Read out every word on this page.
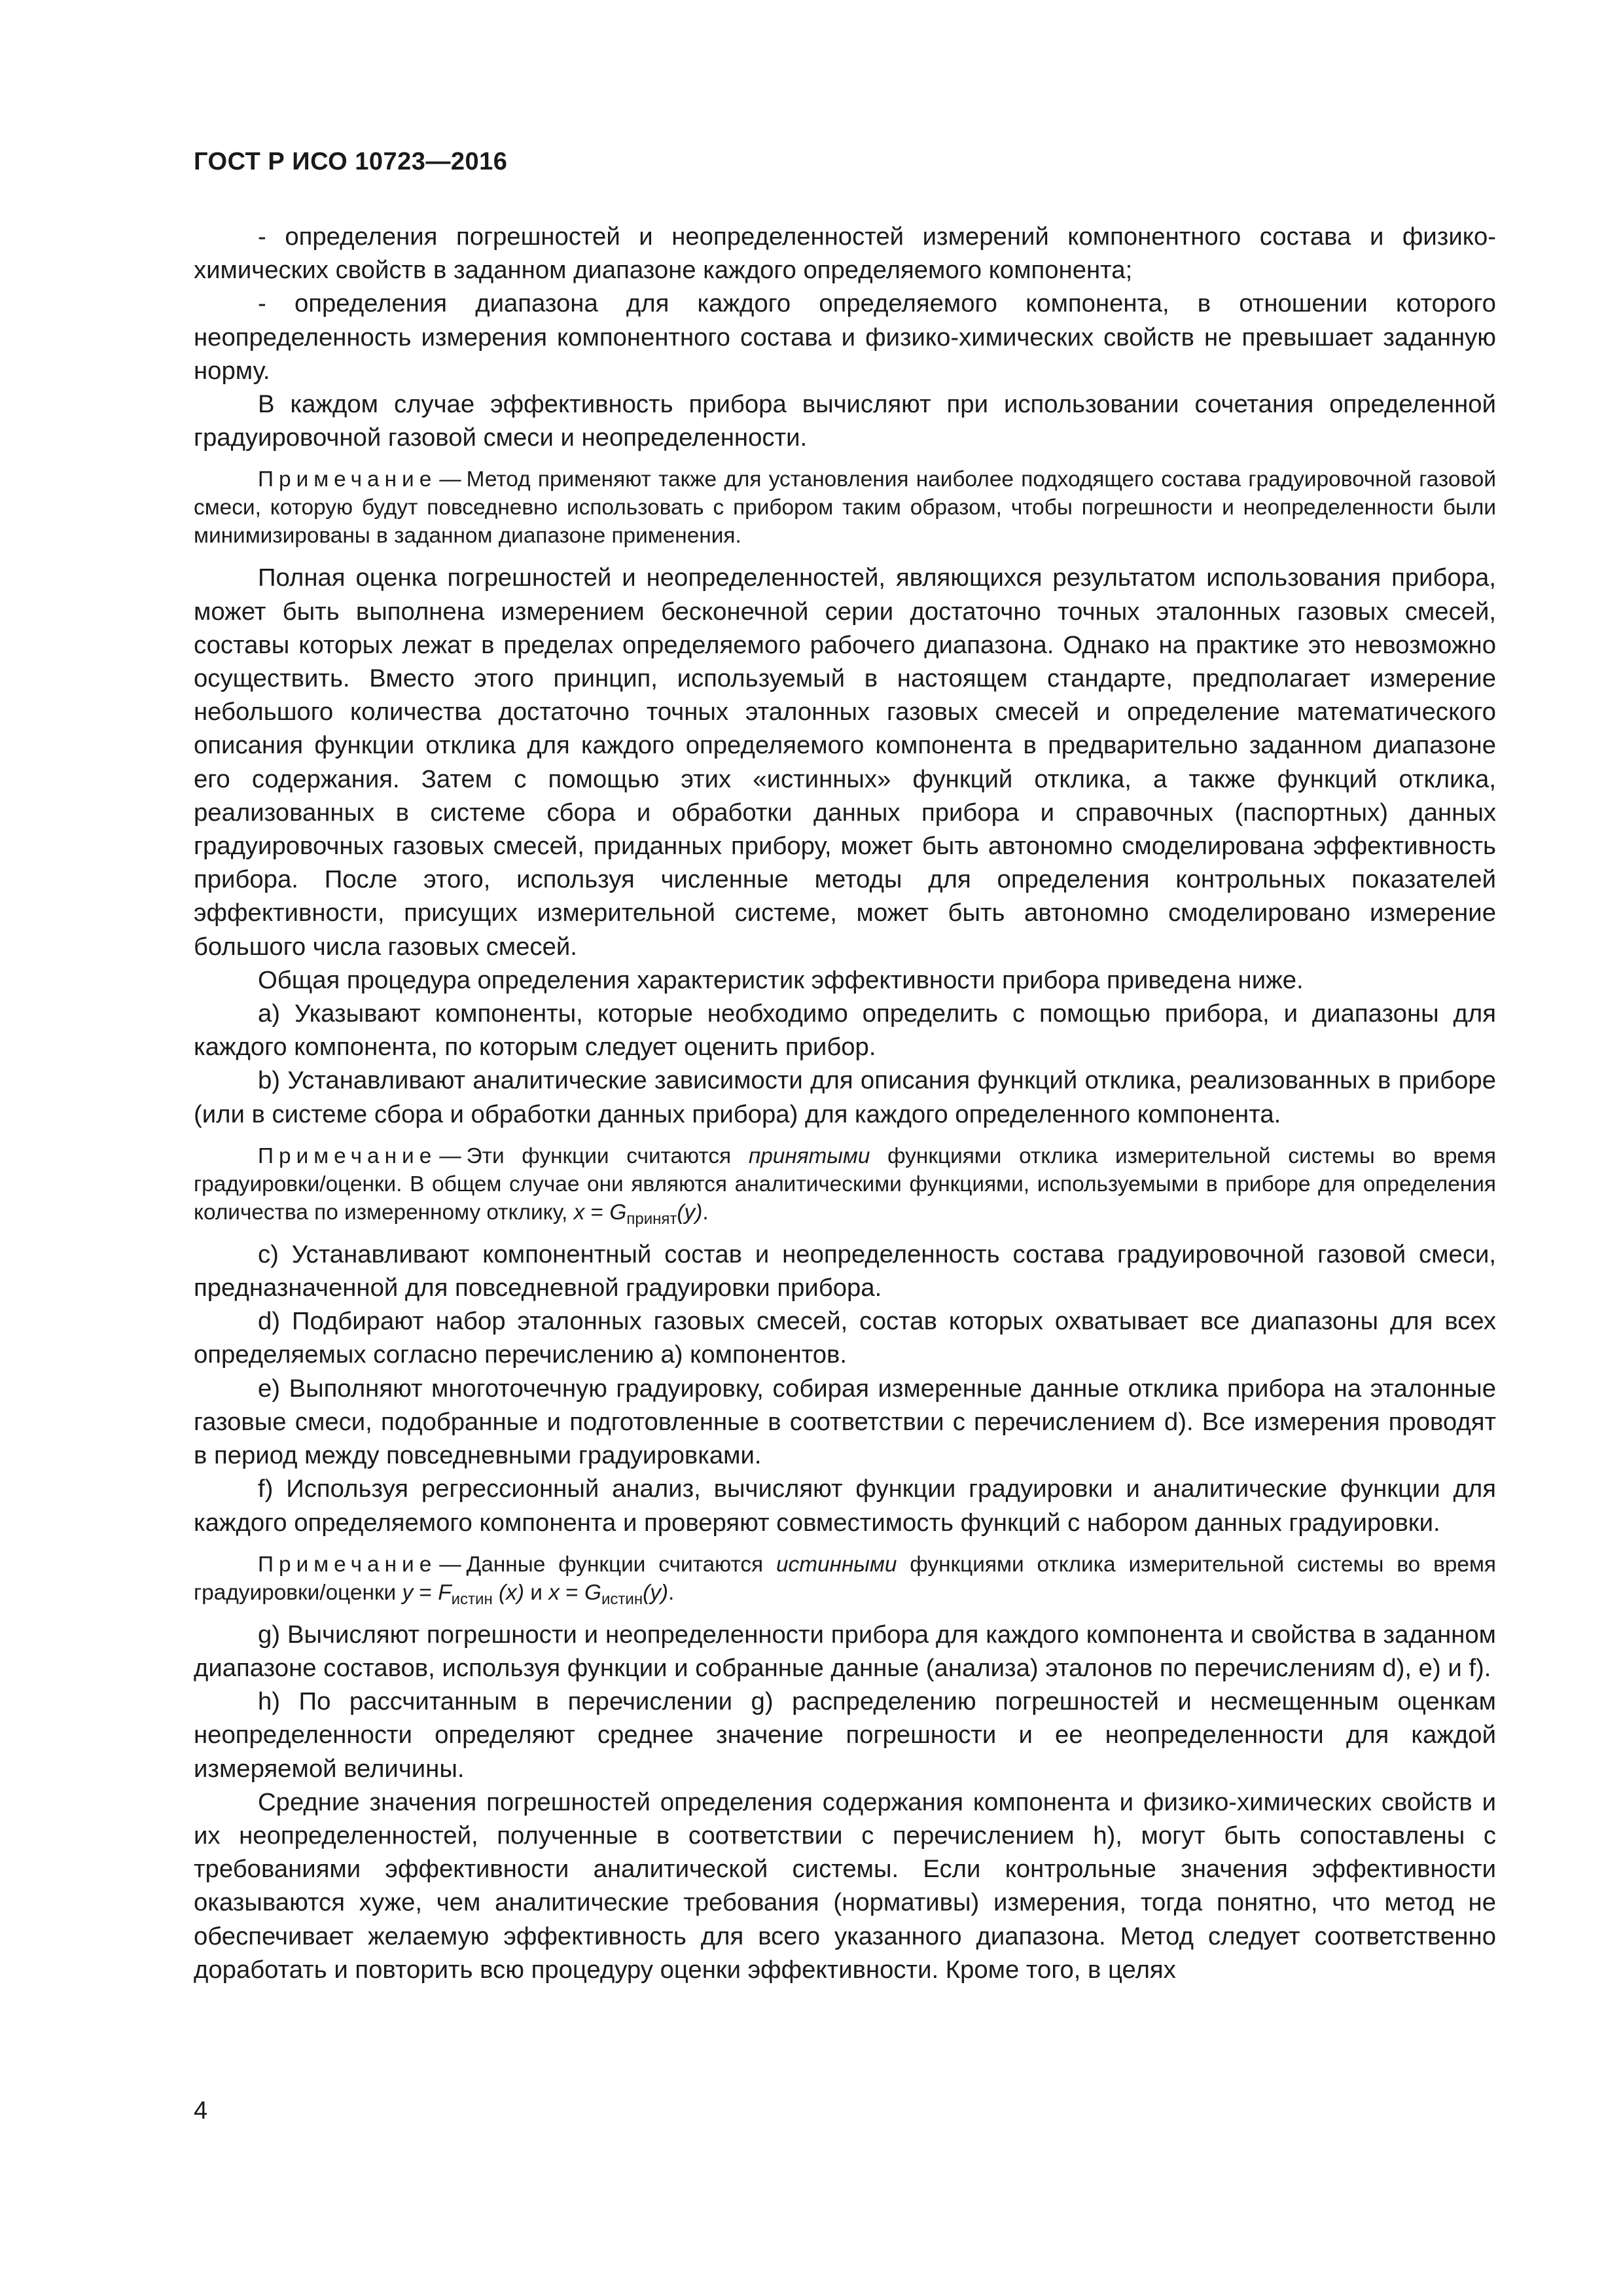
ГОСТ Р ИСО 10723—2016

- определения погрешностей и неопределенностей измерений компонентного состава и физико-химических свойств в заданном диапазоне каждого определяемого компонента;

- определения диапазона для каждого определяемого компонента, в отношении которого неопределенность измерения компонентного состава и физико-химических свойств не превышает заданную норму.

В каждом случае эффективность прибора вычисляют при использовании сочетания определенной градуировочной газовой смеси и неопределенности.

Примечание — Метод применяют также для установления наиболее подходящего состава градуировочной газовой смеси, которую будут повседневно использовать с прибором таким образом, чтобы погрешности и неопределенности были минимизированы в заданном диапазоне применения.

Полная оценка погрешностей и неопределенностей, являющихся результатом использования прибора, может быть выполнена измерением бесконечной серии достаточно точных эталонных газовых смесей, составы которых лежат в пределах определяемого рабочего диапазона. Однако на практике это невозможно осуществить. Вместо этого принцип, используемый в настоящем стандарте, предполагает измерение небольшого количества достаточно точных эталонных газовых смесей и определение математического описания функции отклика для каждого определяемого компонента в предварительно заданном диапазоне его содержания. Затем с помощью этих «истинных» функций отклика, а также функций отклика, реализованных в системе сбора и обработки данных прибора и справочных (паспортных) данных градуировочных газовых смесей, приданных прибору, может быть автономно смоделирована эффективность прибора. После этого, используя численные методы для определения контрольных показателей эффективности, присущих измерительной системе, может быть автономно смоделировано измерение большого числа газовых смесей.

Общая процедура определения характеристик эффективности прибора приведена ниже.

а) Указывают компоненты, которые необходимо определить с помощью прибора, и диапазоны для каждого компонента, по которым следует оценить прибор.

b) Устанавливают аналитические зависимости для описания функций отклика, реализованных в приборе (или в системе сбора и обработки данных прибора) для каждого определенного компонента.

Примечание — Эти функции считаются принятыми функциями отклика измерительной системы во время градуировки/оценки. В общем случае они являются аналитическими функциями, используемыми в приборе для определения количества по измеренному отклику, $x = G_{принят}(y)$.

с) Устанавливают компонентный состав и неопределенность состава градуировочной газовой смеси, предназначенной для повседневной градуировки прибора.

d) Подбирают набор эталонных газовых смесей, состав которых охватывает все диапазоны для всех определяемых согласно перечислению а) компонентов.

е) Выполняют многоточечную градуировку, собирая измеренные данные отклика прибора на эталонные газовые смеси, подобранные и подготовленные в соответствии с перечислением d). Все измерения проводят в период между повседневными градуировками.

f) Используя регрессионный анализ, вычисляют функции градуировки и аналитические функции для каждого определяемого компонента и проверяют совместимость функций с набором данных градуировки.

Примечание — Данные функции считаются истинными функциями отклика измерительной системы во время градуировки/оценки $y = F_{истин}$ (x) и $x = G_{истин}(y)$.

g) Вычисляют погрешности и неопределенности прибора для каждого компонента и свойства в заданном диапазоне составов, используя функции и собранные данные (анализа) эталонов по перечислениям d), е) и f).

h) По рассчитанным в перечислении g) распределению погрешностей и несмещенным оценкам неопределенности определяют среднее значение погрешности и ее неопределенности для каждой измеряемой величины.

Средние значения погрешностей определения содержания компонента и физико-химических свойств и их неопределенностей, полученные в соответствии с перечислением h), могут быть сопоставлены с требованиями эффективности аналитической системы. Если контрольные значения эффективности оказываются хуже, чем аналитические требования (нормативы) измерения, тогда понятно, что метод не обеспечивает желаемую эффективность для всего указанного диапазона. Метод следует соответственно доработать и повторить всю процедуру оценки эффективности. Кроме того, в целях

4
